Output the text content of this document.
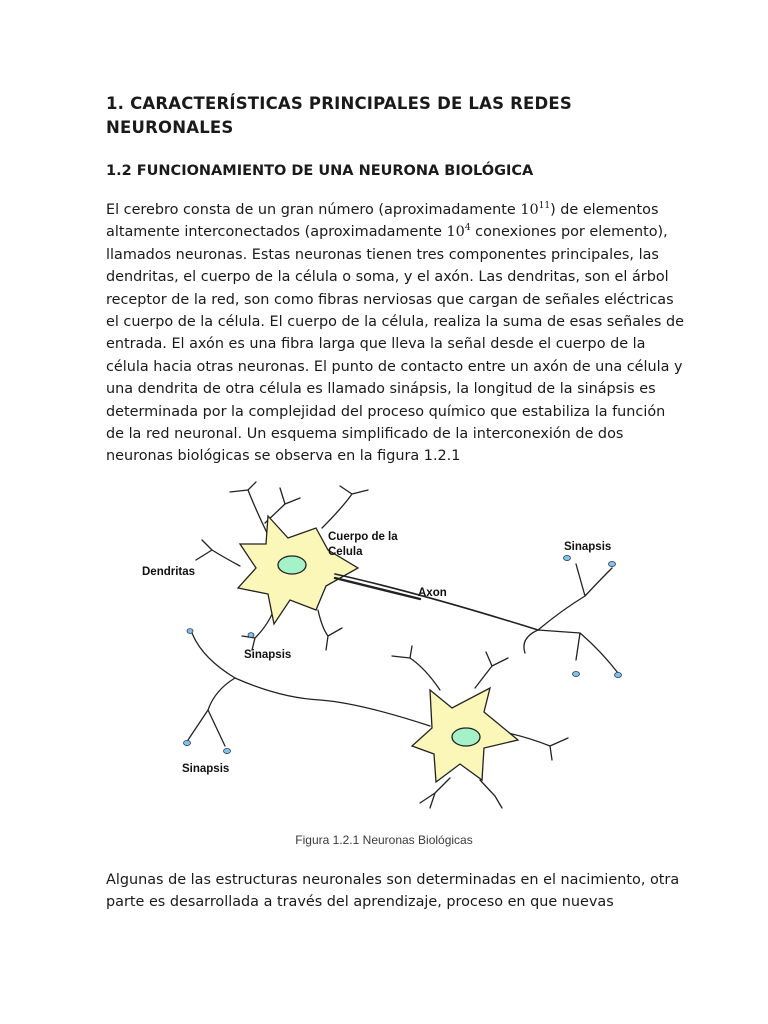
1. CARACTERÍSTICAS PRINCIPALES DE LAS REDES
NEURONALES
1.2 FUNCIONAMIENTO DE UNA NEURONA BIOLÓGICA

El cerebro consta de un gran número (aproximadamente $10^{11}$) de elementos
altamente interconectados (aproximadamente $10^4$ conexiones por elemento),
llamados neuronas. Estas neuronas tienen tres componentes principales, las
dendritas, el cuerpo de la célula o soma, y el axón. Las dendritas, son el árbol
receptor de la red, son como fibras nerviosas que cargan de señales eléctricas
el cuerpo de la célula. El cuerpo de la célula, realiza la suma de esas señales de
entrada. El axón es una fibra larga que lleva la señal desde el cuerpo de la
célula hacia otras neuronas. El punto de contacto entre un axón de una célula y
una dendrita de otra célula es llamado sinápsis, la longitud de la sinápsis es
determinada por la complejidad del proceso químico que estabiliza la función
de la red neuronal. Un esquema simplificado de la interconexión de dos
neuronas biológicas se observa en la figura 1.2.1

Cuerpo de la
Celula
Dendritas
Axon
Sinapsis
Sinapsis
Sinapsis
Figura 1.2.1 Neuronas Biológicas

Algunas de las estructuras neuronales son determinadas en el nacimiento, otra
parte es desarrollada a través del aprendizaje, proceso en que nuevas
